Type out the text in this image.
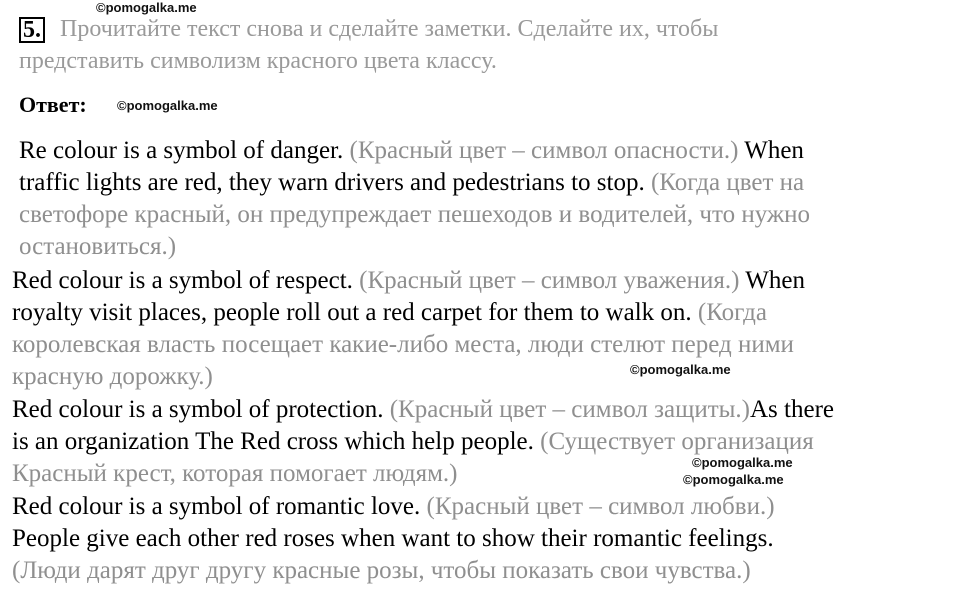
©pomogalka.me
©pomogalka.me
©pomogalka.me
©pomogalka.me
©pomogalka.me
5. Прочитайте текст снова и сделайте заметки. Сделайте их, чтобы
представить символизм красного цвета классу.
Ответ:
Re colour is a symbol of danger. (Красный цвет – символ опасности.) When
traffic lights are red, they warn drivers and pedestrians to stop. (Когда цвет на
светофоре красный, он предупреждает пешеходов и водителей, что нужно
остановиться.)
Red colour is a symbol of respect. (Красный цвет – символ уважения.) When
royalty visit places, people roll out a red carpet for them to walk on. (Когда
королевская власть посещает какие-либо места, люди стелют перед ними
красную дорожку.)
Red colour is a symbol of protection. (Красный цвет – символ защиты.)As there
is an organization The Red cross which help people. (Существует организация
Красный крест, которая помогает людям.)
Red colour is a symbol of romantic love. (Красный цвет – символ любви.)
People give each other red roses when want to show their romantic feelings.
(Люди дарят друг другу красные розы, чтобы показать свои чувства.)
